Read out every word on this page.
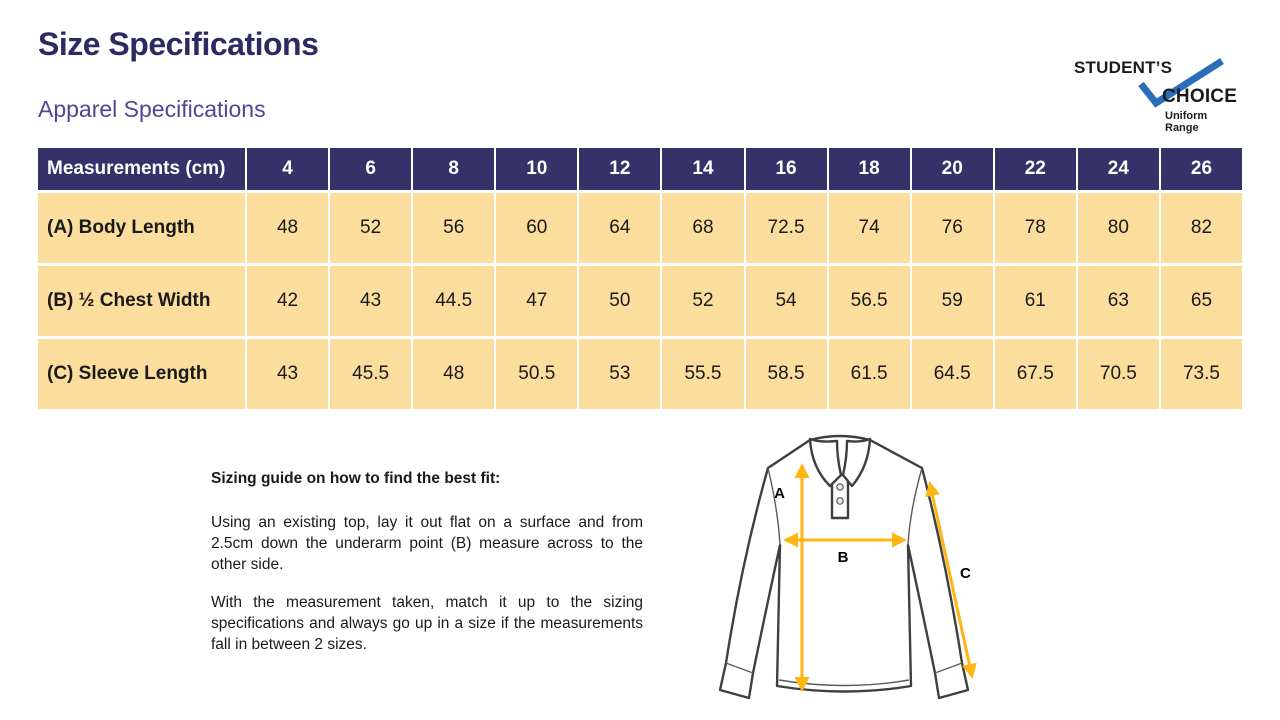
Size Specifications
Apparel Specifications
STUDENT’S
CHOICE
Uniform Range
Measurements (cm)	4	6	8	10	12	14	16	18	20	22	24	26
(A) Body Length	48	52	56	60	64	68	72.5	74	76	78	80	82
(B) ½ Chest Width	42	43	44.5	47	50	52	54	56.5	59	61	63	65
(C) Sleeve Length	43	45.5	48	50.5	53	55.5	58.5	61.5	64.5	67.5	70.5	73.5
Sizing guide on how to find the best fit:

Using an existing top, lay it out flat on a surface and from 2.5cm down the underarm point (B) measure across to the other side.

With the measurement taken, match it up to the sizing specifications and always go up in a size if the measurements fall in between 2 sizes.

A
B
C
